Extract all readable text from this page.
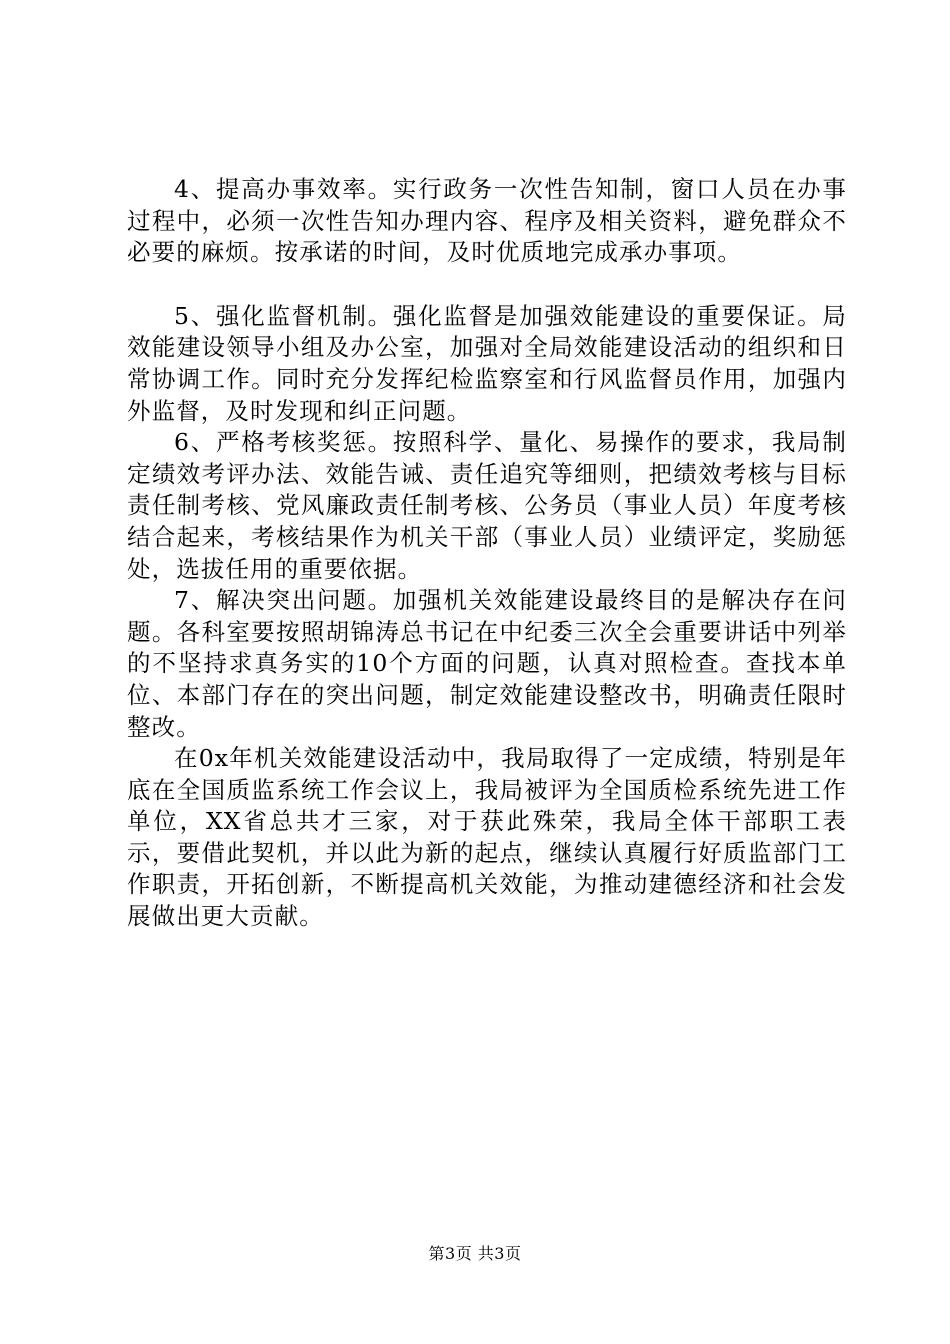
4、提高办事效率。实行政务一次性告知制，窗口人员在办事过程中，必须一次性告知办理内容、程序及相关资料，避免群众不必要的麻烦。按承诺的时间，及时优质地完成承办事项。

5、强化监督机制。强化监督是加强效能建设的重要保证。局效能建设领导小组及办公室，加强对全局效能建设活动的组织和日常协调工作。同时充分发挥纪检监察室和行风监督员作用，加强内外监督，及时发现和纠正问题。

6、严格考核奖惩。按照科学、量化、易操作的要求，我局制定绩效考评办法、效能告诫、责任追究等细则，把绩效考核与目标责任制考核、党风廉政责任制考核、公务员（事业人员）年度考核结合起来，考核结果作为机关干部（事业人员）业绩评定，奖励惩处，选拔任用的重要依据。

7、解决突出问题。加强机关效能建设最终目的是解决存在问题。各科室要按照胡锦涛总书记在中纪委三次全会重要讲话中列举的不坚持求真务实的10个方面的问题，认真对照检查。查找本单位、本部门存在的突出问题，制定效能建设整改书，明确责任限时整改。

在0x年机关效能建设活动中，我局取得了一定成绩，特别是年底在全国质监系统工作会议上，我局被评为全国质检系统先进工作单位，XX省总共才三家，对于获此殊荣，我局全体干部职工表示，要借此契机，并以此为新的起点，继续认真履行好质监部门工作职责，开拓创新，不断提高机关效能，为推动建德经济和社会发展做出更大贡献。

第3页 共3页
